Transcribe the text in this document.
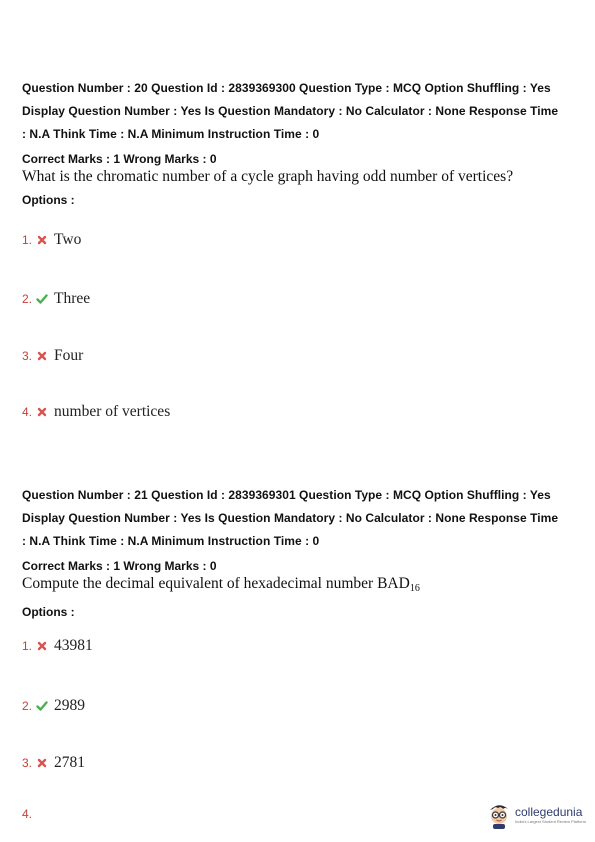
Question Number : 20 Question Id : 2839369300 Question Type : MCQ Option Shuffling : Yes
Display Question Number : Yes Is Question Mandatory : No Calculator : None Response Time
: N.A Think Time : N.A Minimum Instruction Time : 0
Correct Marks : 1 Wrong Marks : 0
What is the chromatic number of a cycle graph having odd number of vertices?
Options :
1. Two
2. Three
3. Four
4. number of vertices
Question Number : 21 Question Id : 2839369301 Question Type : MCQ Option Shuffling : Yes
Display Question Number : Yes Is Question Mandatory : No Calculator : None Response Time
: N.A Think Time : N.A Minimum Instruction Time : 0
Correct Marks : 1 Wrong Marks : 0
Compute the decimal equivalent of hexadecimal number $BAD_{16}$
Options :
1. 43981
2. 2989
3. 2781
4.	collegedunia
India's Largest Student Review Platform
